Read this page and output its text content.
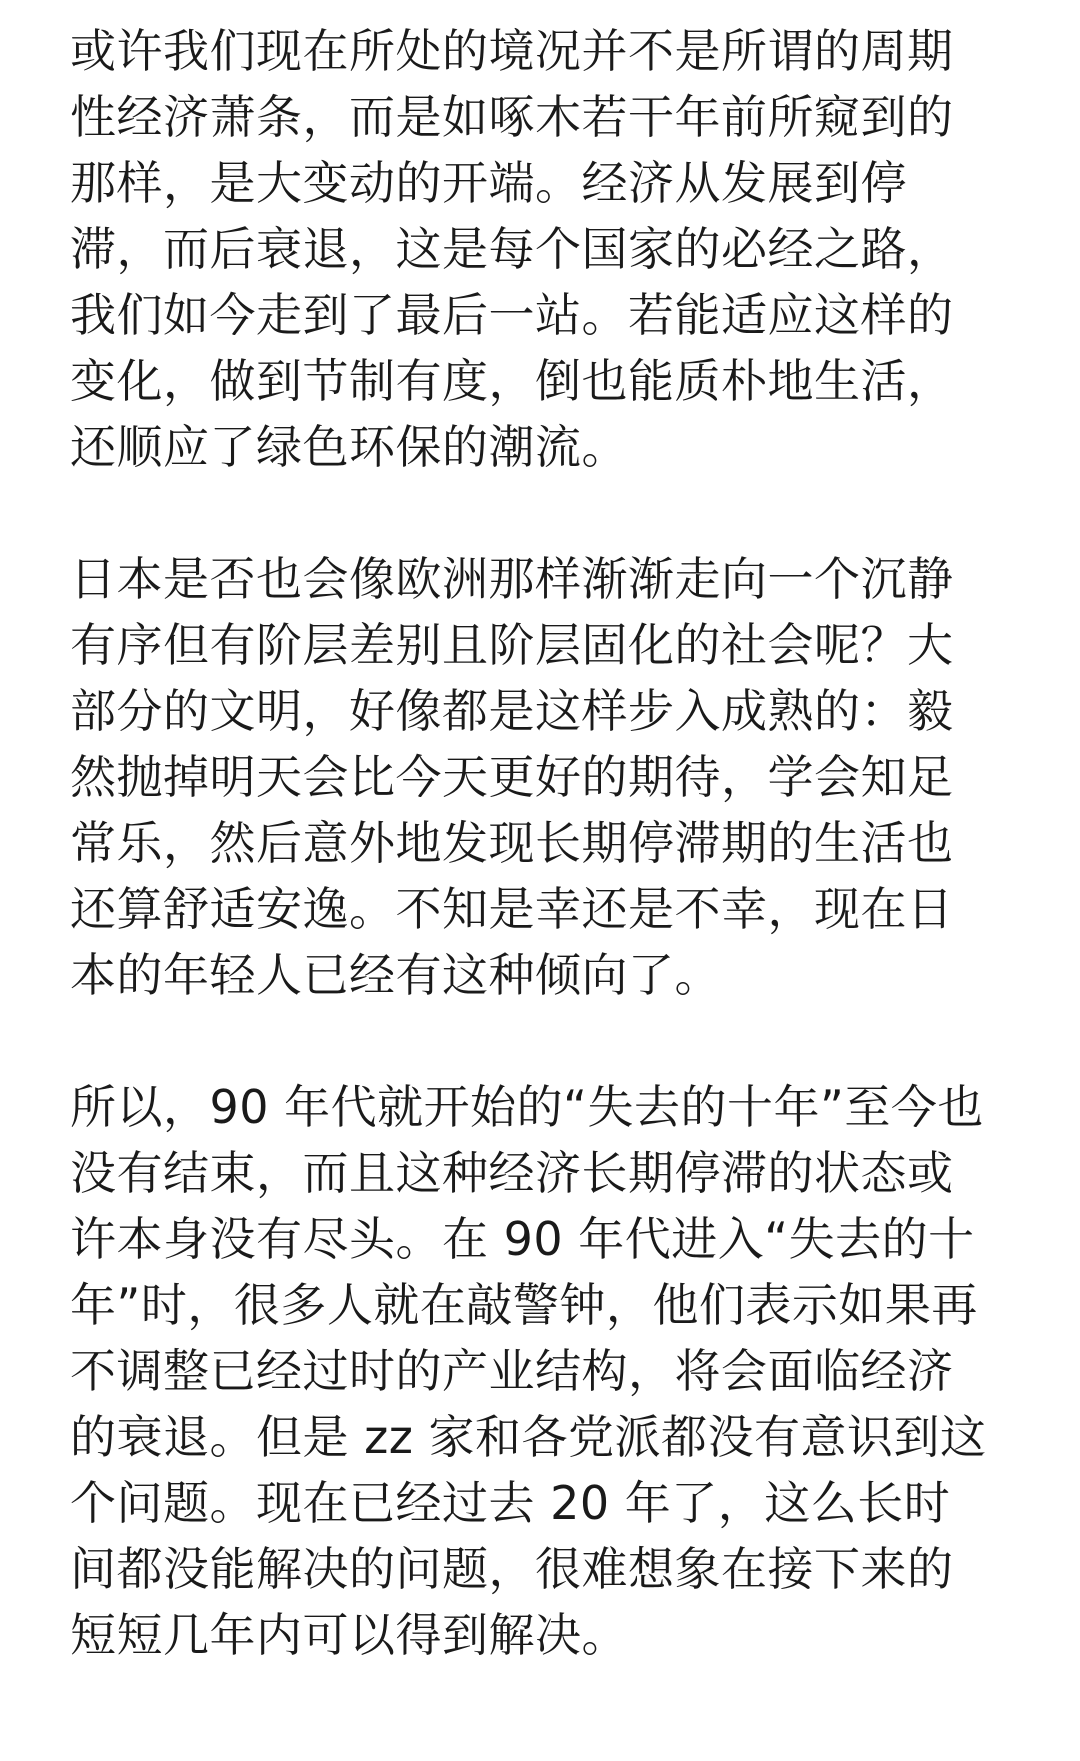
或许我们现在所处的境况并不是所谓的周期
性经济萧条，而是如啄木若干年前所窥到的
那样，是大变动的开端。经济从发展到停
滞，而后衰退，这是每个国家的必经之路，
我们如今走到了最后一站。若能适应这样的
变化，做到节制有度，倒也能质朴地生活，
还顺应了绿色环保的潮流。
日本是否也会像欧洲那样渐渐走向一个沉静
有序但有阶层差别且阶层固化的社会呢？大
部分的文明，好像都是这样步入成熟的：毅
然抛掉明天会比今天更好的期待，学会知足
常乐，然后意外地发现长期停滞期的生活也
还算舒适安逸。不知是幸还是不幸，现在日
本的年轻人已经有这种倾向了。
所以，90 年代就开始的“失去的十年”至今也
没有结束，而且这种经济长期停滞的状态或
许本身没有尽头。在 90 年代进入“失去的十
年”时，很多人就在敲警钟，他们表示如果再
不调整已经过时的产业结构，将会面临经济
的衰退。但是 zz 家和各党派都没有意识到这
个问题。现在已经过去 20 年了，这么长时
间都没能解决的问题，很难想象在接下来的
短短几年内可以得到解决。
